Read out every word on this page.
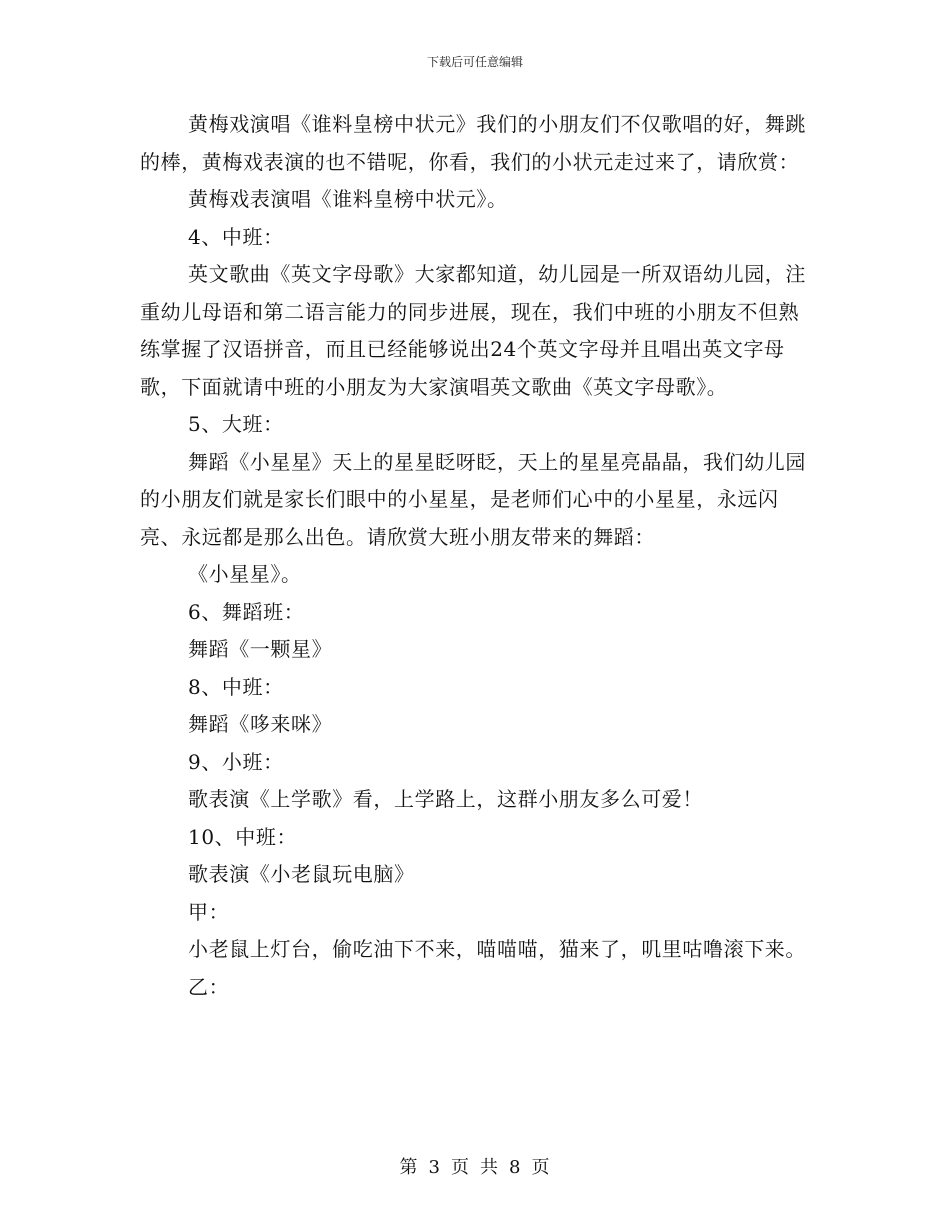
下载后可任意编辑

黄梅戏演唱《谁料皇榜中状元》我们的小朋友们不仅歌唱的好，舞跳的棒，黄梅戏表演的也不错呢，你看，我们的小状元走过来了，请欣赏：

黄梅戏表演唱《谁料皇榜中状元》。

4、中班：

英文歌曲《英文字母歌》大家都知道，幼儿园是一所双语幼儿园，注重幼儿母语和第二语言能力的同步进展，现在，我们中班的小朋友不但熟练掌握了汉语拼音，而且已经能够说出24个英文字母并且唱出英文字母歌，下面就请中班的小朋友为大家演唱英文歌曲《英文字母歌》。

5、大班：

舞蹈《小星星》天上的星星眨呀眨，天上的星星亮晶晶，我们幼儿园的小朋友们就是家长们眼中的小星星，是老师们心中的小星星，永远闪亮、永远都是那么出色。请欣赏大班小朋友带来的舞蹈：

《小星星》。

6、舞蹈班：

舞蹈《一颗星》

8、中班：

舞蹈《哆来咪》

9、小班：

歌表演《上学歌》看，上学路上，这群小朋友多么可爱！

10、中班：

歌表演《小老鼠玩电脑》

甲：

小老鼠上灯台，偷吃油下不来，喵喵喵，猫来了，叽里咕噜滚下来。

乙：

第 3 页 共 8 页
